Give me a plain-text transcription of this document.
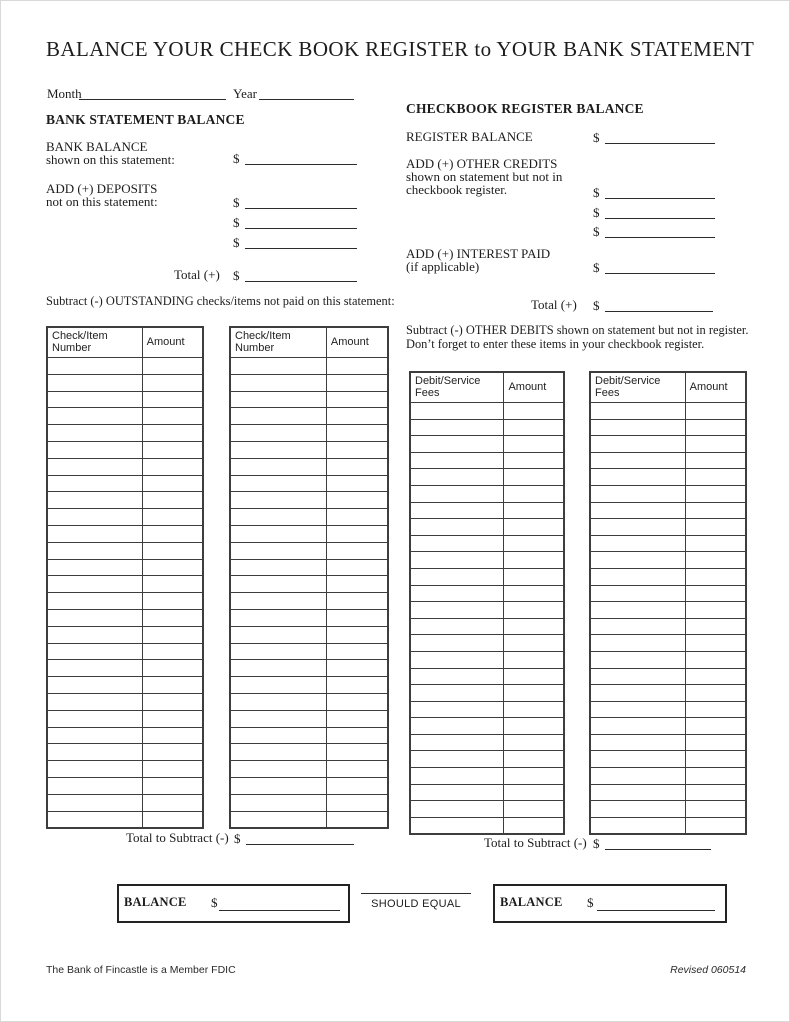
BALANCE YOUR CHECK BOOK REGISTER to YOUR BANK STATEMENT
Month	Year
BANK STATEMENT BALANCE
BANK BALANCE
shown on this statement:	$
ADD (+) DEPOSITS
not on this statement:	$
$
$
Total (+) $
Subtract (-) OUTSTANDING checks/items not paid on this statement:
Check/Item Number	Amount

		Check/Item Number	Amount

Total to Subtract (-) $
CHECKBOOK REGISTER BALANCE
REGISTER BALANCE	$
ADD (+) OTHER CREDITS
shown on statement but not in
checkbook register.	$
$
$
ADD (+) INTEREST PAID
(if applicable)	$
Total (+) $
Subtract (-) OTHER DEBITS shown on statement but not in register.
Don’t forget to enter these items in your checkbook register.
Debit/Service Fees	Amount

		Debit/Service Fees	Amount

Total to Subtract (-) $
BALANCE $	SHOULD EQUAL	BALANCE $
The Bank of Fincastle is a Member FDIC	Revised 060514
